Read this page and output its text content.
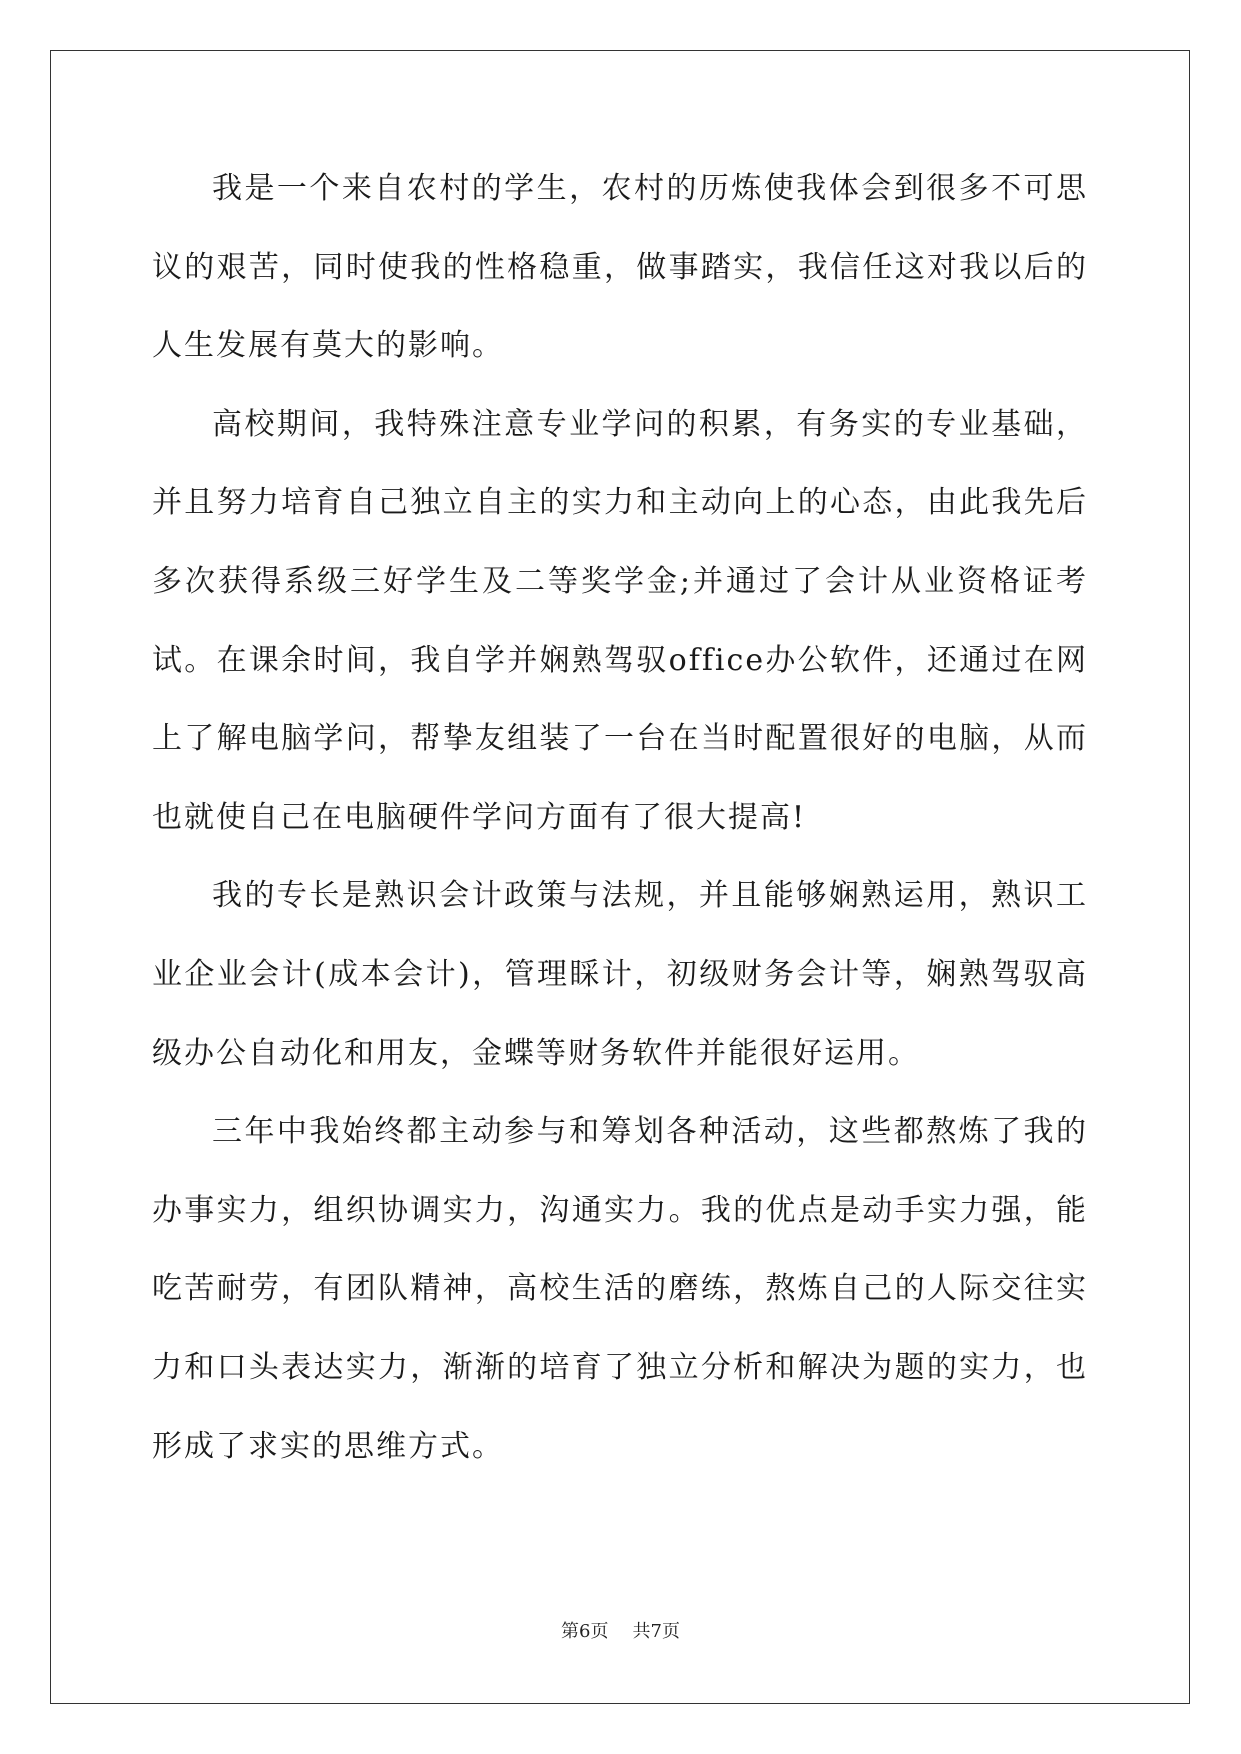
我是一个来自农村的学生，农村的历炼使我体会到很多不可思议的艰苦，同时使我的性格稳重，做事踏实，我信任这对我以后的人生发展有莫大的影响。

高校期间，我特殊注意专业学问的积累，有务实的专业基础，并且努力培育自己独立自主的实力和主动向上的心态，由此我先后多次获得系级三好学生及二等奖学金;并通过了会计从业资格证考试。在课余时间，我自学并娴熟驾驭office办公软件，还通过在网上了解电脑学问，帮挚友组装了一台在当时配置很好的电脑，从而也就使自己在电脑硬件学问方面有了很大提高!

我的专长是熟识会计政策与法规，并且能够娴熟运用，熟识工业企业会计(成本会计)，管理睬计，初级财务会计等，娴熟驾驭高级办公自动化和用友，金蝶等财务软件并能很好运用。

三年中我始终都主动参与和筹划各种活动，这些都熬炼了我的办事实力，组织协调实力，沟通实力。我的优点是动手实力强，能吃苦耐劳，有团队精神，高校生活的磨练，熬炼自己的人际交往实力和口头表达实力，渐渐的培育了独立分析和解决为题的实力，也形成了求实的思维方式。

第6页 共7页
